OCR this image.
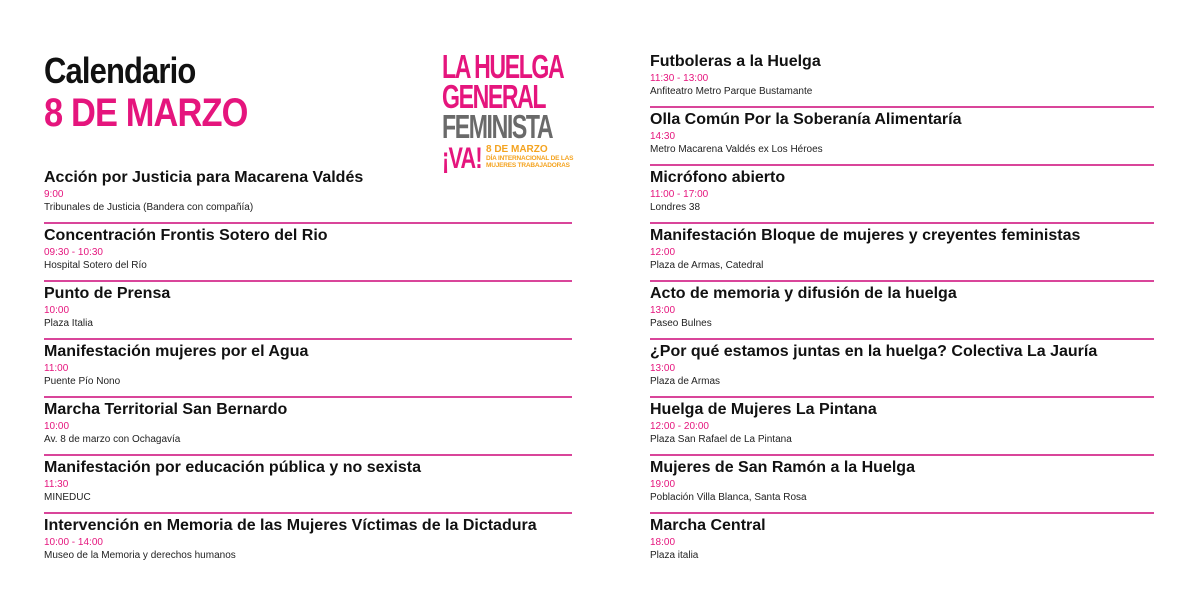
Calendario
8 DE MARZO
LA HUELGA
GENERAL
FEMINISTA
¡VA! 8 DE MARZO
DÍA INTERNACIONAL DE LAS
MUJERES TRABAJADORAS
Acción por Justicia para Macarena Valdés
9:00
Tribunales de Justicia (Bandera con compañía)
Concentración Frontis Sotero del Rio
09:30 - 10:30
Hospital Sotero del Río
Punto de Prensa
10:00
Plaza Italia
Manifestación mujeres por el Agua
11:00
Puente Pío Nono
Marcha Territorial San Bernardo
10:00
Av. 8 de marzo con Ochagavía
Manifestación por educación pública y no sexista
11:30
MINEDUC
Intervención en Memoria de las Mujeres Víctimas de la Dictadura
10:00 - 14:00
Museo de la Memoria y derechos humanos
Futboleras a la Huelga
11:30 - 13:00
Anfiteatro Metro Parque Bustamante
Olla Común Por la Soberanía Alimentaría
14:30
Metro Macarena Valdés ex Los Héroes
Micrófono abierto
11:00 - 17:00
Londres 38
Manifestación Bloque de mujeres y creyentes feministas
12:00
Plaza de Armas, Catedral
Acto de memoria y difusión de la huelga
13:00
Paseo Bulnes
¿Por qué estamos juntas en la huelga? Colectiva La Jauría
13:00
Plaza de Armas
Huelga de Mujeres La Pintana
12:00 - 20:00
Plaza San Rafael de La Pintana
Mujeres de San Ramón a la Huelga
19:00
Población Villa Blanca, Santa Rosa
Marcha Central
18:00
Plaza italia
